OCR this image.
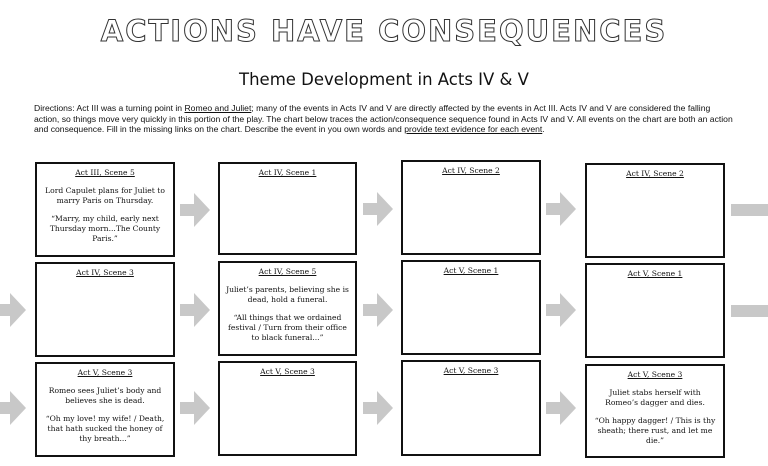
ACTIONS HAVE CONSEQUENCES
Theme Development in Acts IV & V
Directions: Act III was a turning point in Romeo and Juliet; many of the events in Acts IV and V are directly affected by the events in Act III. Acts IV and V are considered the falling action, so things move very quickly in this portion of the play. The chart below traces the action/consequence sequence found in Acts IV and V. All events on the chart are both an action and consequence. Fill in the missing links on the chart. Describe the event in you own words and provide text evidence for each event.
Act III, Scene 5
Lord Capulet plans for Juliet to marry Paris on Thursday.
“Marry, my child, early next Thursday morn...The County Paris.”
Act IV, Scene 1	Act IV, Scene 2	Act IV, Scene 2
Act IV, Scene 3	Act IV, Scene 5
Juliet’s parents, believing she is dead, hold a funeral.
“All things that we ordained festival / Turn from their office to black funeral...”
Act V, Scene 1	Act V, Scene 1
Act V, Scene 3
Romeo sees Juliet’s body and believes she is dead.
“Oh my love! my wife! / Death, that hath sucked the honey of thy breath...”
Act V, Scene 3	Act V, Scene 3	Act V, Scene 3
Juliet stabs herself with Romeo’s dagger and dies.
“Oh happy dagger! / This is thy sheath; there rust, and let me die.”
